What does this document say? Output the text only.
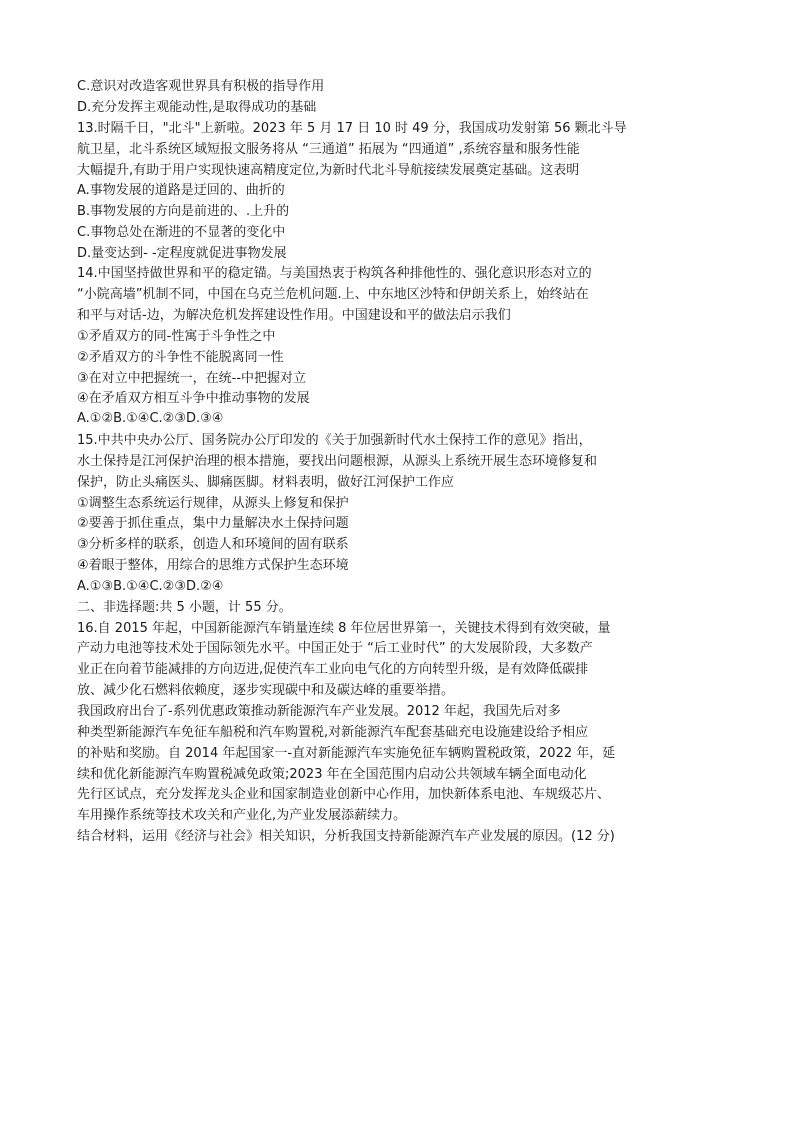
C.意识对改造客观世界具有积极的指导作用
D.充分发挥主观能动性,是取得成功的基础
13.时隔千日，"北斗"上新啦。2023 年 5 月 17 日 10 时 49 分，我国成功发射第 56 颗北斗导
航卫星，北斗系统区域短报文服务将从 “三通道” 拓展为 “四通道” ,系统容量和服务性能
大幅提升,有助于用户实现快速高精度定位,为新时代北斗导航接续发展奠定基础。这表明
A.事物发展的道路是迂回的、曲折的
B.事物发展的方向是前进的、.上升的
C.事物总处在渐进的不显著的变化中
D.量变达到- -定程度就促进事物发展
14.中国坚持做世界和平的稳定锚。与美国热衷于构筑各种排他性的、强化意识形态对立的
“小院高墙”机制不同，中国在乌克兰危机问题.上、中东地区沙特和伊朗关系上，始终站在
和平与对话-边，为解决危机发挥建设性作用。中国建设和平的做法启示我们
①矛盾双方的同-性寓于斗争性之中
②矛盾双方的斗争性不能脱离同一性
③在对立中把握统一，在统--中把握对立
④在矛盾双方相互斗争中推动事物的发展
A.①②B.①④C.②③D.③④
15.中共中央办公厅、国务院办公厅印发的《关于加强新时代水土保持工作的意见》指出，
水土保持是江河保护治理的根本措施，要找出问题根源，从源头上系统开展生态环境修复和
保护，防止头痛医头、脚痛医脚。材料表明，做好江河保护工作应
①调整生态系统运行规律，从源头上修复和保护
②要善于抓住重点，集中力量解决水土保持问题
③分析多样的联系，创造人和环境间的固有联系
④着眼于整体，用综合的思维方式保护生态环境
A.①③B.①④C.②③D.②④
二、非选择题:共 5 小题，计 55 分。
16.自 2015 年起，中国新能源汽车销量连续 8 年位居世界第一，关键技术得到有效突破，量
产动力电池等技术处于国际领先水平。中国正处于 “后工业时代” 的大发展阶段，大多数产
业正在向着节能减排的方向迈进,促使汽车工业向电气化的方向转型升级，是有效降低碳排
放、减少化石燃料依赖度，逐步实现碳中和及碳达峰的重要举措。
我国政府出台了-系列优惠政策推动新能源汽车产业发展。2012 年起，我国先后对多
种类型新能源汽车免征车船税和汽车购置税,对新能源汽车配套基础充电设施建设给予相应
的补贴和奖励。自 2014 年起国家一-直对新能源汽车实施免征车辆购置税政策，2022 年，延
续和优化新能源汽车购置税减免政策;2023 年在全国范围内启动公共领域车辆全面电动化
先行区试点，充分发挥龙头企业和国家制造业创新中心作用，加快新体系电池、车规级芯片、
车用操作系统等技术攻关和产业化,为产业发展添薪续力。
结合材料，运用《经济与社会》相关知识，分析我国支持新能源汽车产业发展的原因。(12 分)
